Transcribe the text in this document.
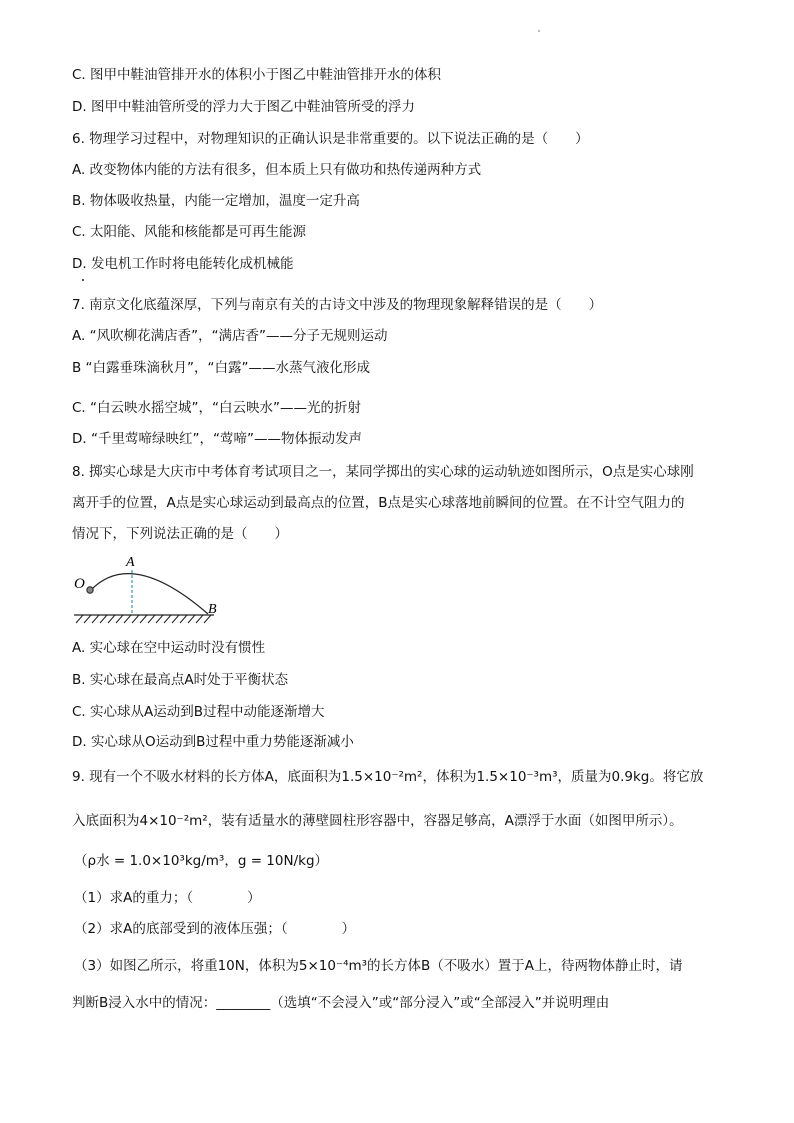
C. 图甲中鞋油管排开水的体积小于图乙中鞋油管排开水的体积
D. 图甲中鞋油管所受的浮力大于图乙中鞋油管所受的浮力
6. 物理学习过程中，对物理知识的正确认识是非常重要的。以下说法正确的是（　　）
A. 改变物体内能的方法有很多，但本质上只有做功和热传递两种方式
B. 物体吸收热量，内能一定增加，温度一定升高
C. 太阳能、风能和核能都是可再生能源
D. 发电机工作时将电能转化成机械能
7. 南京文化底蕴深厚，下列与南京有关的古诗文中涉及的物理现象解释错误的是（　　）
A. “风吹柳花满店香”，“满店香”——分子无规则运动
B “白露垂珠滴秋月”，“白露”——水蒸气液化形成
C. “白云映水摇空城”，“白云映水”——光的折射
D. “千里莺啼绿映红”，“莺啼”——物体振动发声
8. 掷实心球是大庆市中考体育考试项目之一，某同学掷出的实心球的运动轨迹如图所示，O点是实心球刚
离开手的位置，A点是实心球运动到最高点的位置，B点是实心球落地前瞬间的位置。在不计空气阻力的
情况下，下列说法正确的是（　　）
O
A
B
A. 实心球在空中运动时没有惯性
B. 实心球在最高点A时处于平衡状态
C. 实心球从A运动到B过程中动能逐渐增大
D. 实心球从O运动到B过程中重力势能逐渐减小
9. 现有一个不吸水材料的长方体A，底面积为1.5×10⁻²m²，体积为1.5×10⁻³m³，质量为0.9kg。将它放
入底面积为4×10⁻²m²，装有适量水的薄壁圆柱形容器中，容器足够高，A漂浮于水面（如图甲所示）。
（ρ水 = 1.0×10³kg/m³，g = 10N/kg）
（1）求A的重力；（　　　　）
（2）求A的底部受到的液体压强；（　　　　）
（3）如图乙所示，将重10N，体积为5×10⁻⁴m³的长方体B（不吸水）置于A上，待两物体静止时，请
判断B浸入水中的情况：________（选填“不会浸入”或“部分浸入”或“全部浸入”并说明理由
